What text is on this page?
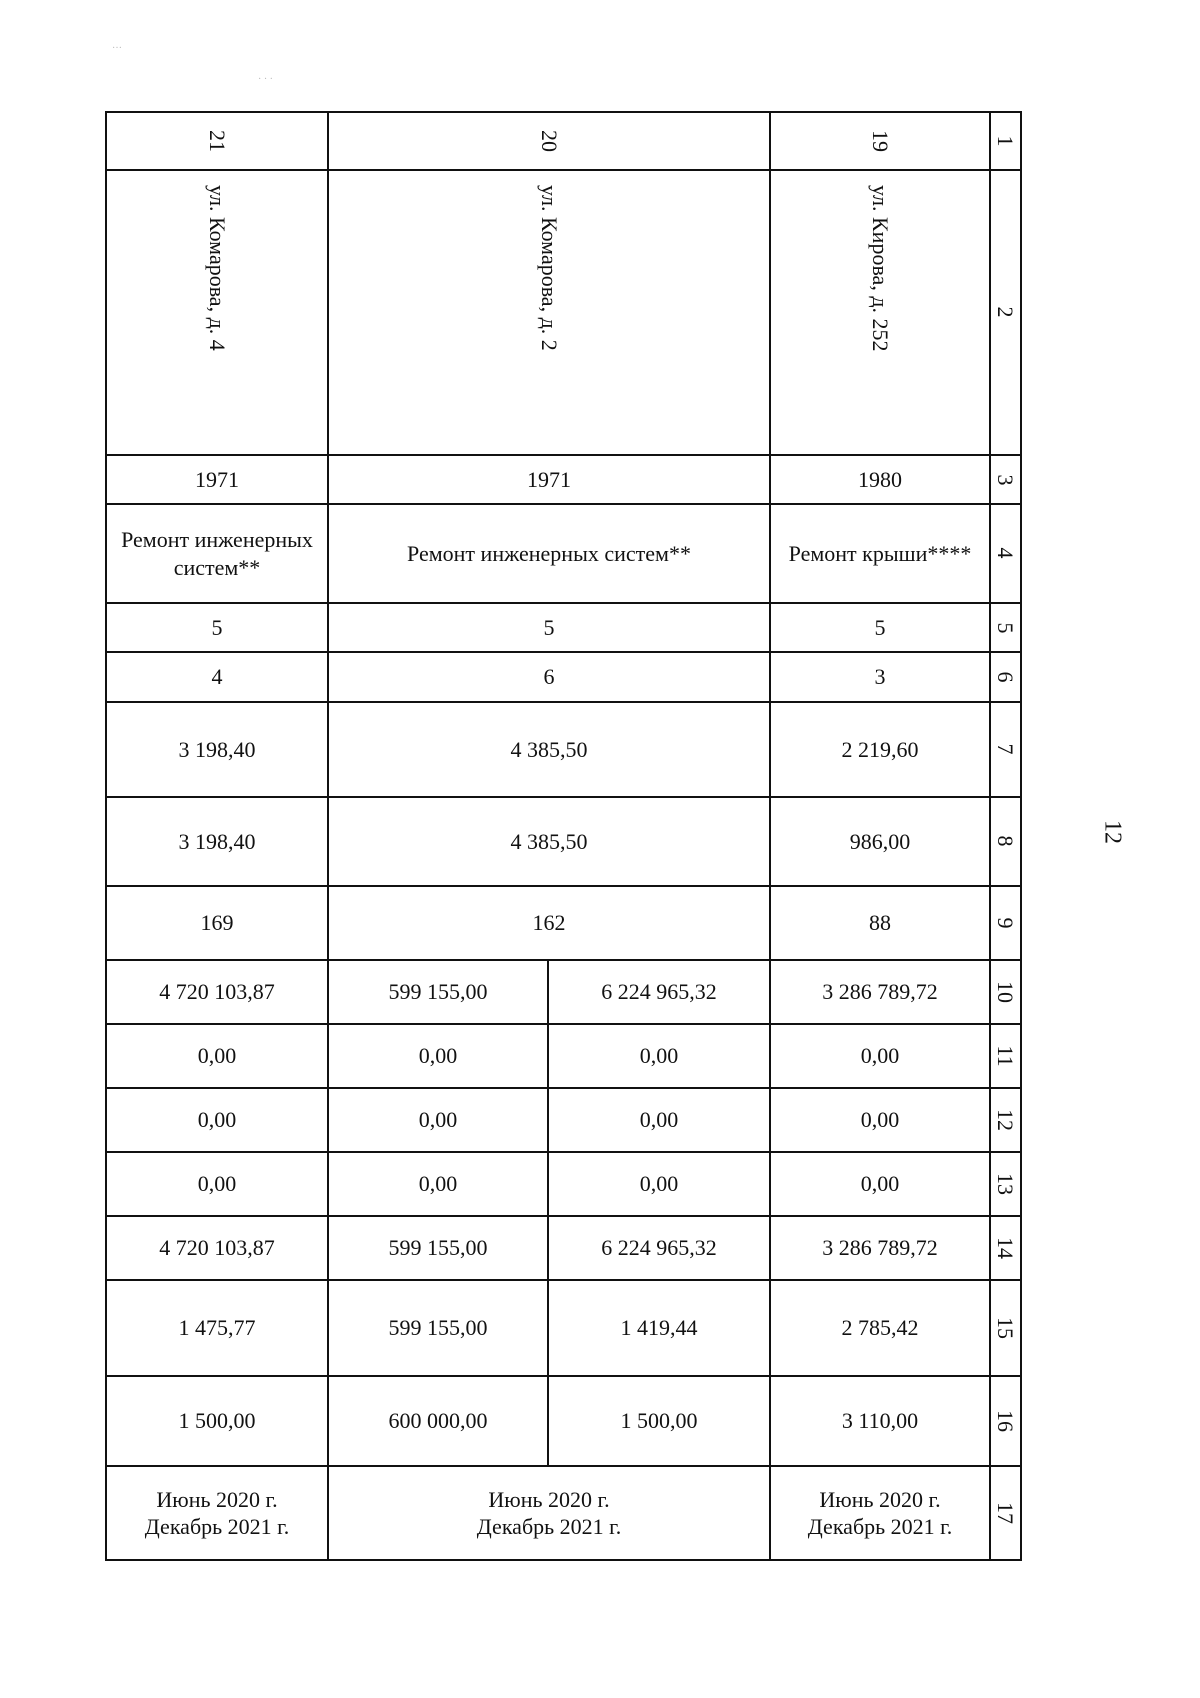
…
· · ·
1
2
3
4
5
6
7
8
9
10
11
12
13
14
15
16
17
21
ул. Комарова, д. 4
1971
Ремонт инженерных систем**
5
4
3 198,40
3 198,40
169
4 720 103,87
0,00
0,00
0,00
4 720 103,87
1 475,77
1 500,00
Июнь 2020 г.
Декабрь 2021 г.
20
ул. Комарова, д. 2
1971
Ремонт инженерных систем**
5
6
4 385,50
4 385,50
162
599 155,00
0,00
0,00
0,00
599 155,00
599 155,00
600 000,00
6 224 965,32
0,00
0,00
0,00
6 224 965,32
1 419,44
1 500,00
Июнь 2020 г.
Декабрь 2021 г.
19
ул. Кирова, д. 252
1980
Ремонт крыши****
5
3
2 219,60
986,00
88
3 286 789,72
0,00
0,00
0,00
3 286 789,72
2 785,42
3 110,00
Июнь 2020 г.
Декабрь 2021 г.
12
